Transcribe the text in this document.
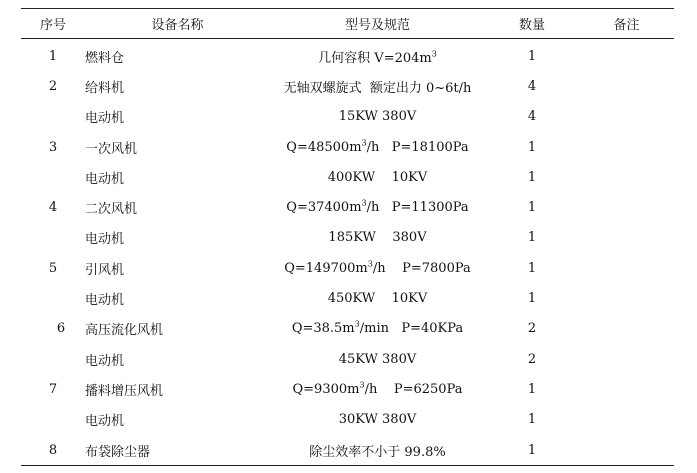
序号	设备名称	型号及规范	数量	备注
1	燃料仓	几何容积 $V=204m^3$	1	
2	给料机	无轴双螺旋式  额定出力 0~6t/h	4	
	电动机	15KW 380V	4	
3	一次风机	$Q=48500m^3/h$   P=18100Pa	1	
	电动机	400KW    10KV	1	
4	二次风机	$Q=37400m^3/h$   P=11300Pa	1	
	电动机	185KW    380V	1	
5	引风机	$Q=149700m^3/h$    P=7800Pa	1	
	电动机	450KW    10KV	1	
6	高压流化风机	$Q=38.5m^3/\min$   P=40KPa	2	
	电动机	45KW 380V	2	
7	播料增压风机	$Q=9300m^3/h$    P=6250Pa	1	
	电动机	30KW 380V	1	
8	布袋除尘器	除尘效率不小于 99.8%	1	
